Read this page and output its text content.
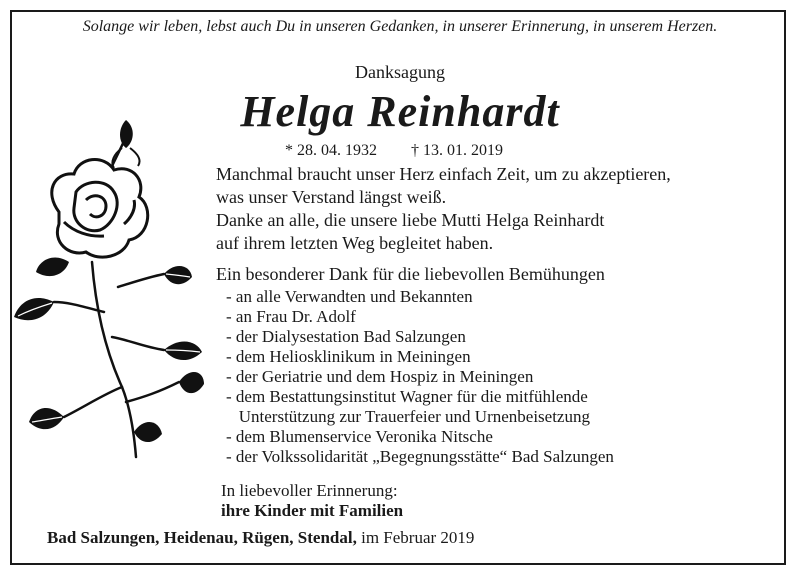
Solange wir leben, lebst auch Du in unseren Gedanken, in unserer Erinnerung, in unserem Herzen.
Danksagung
Helga Reinhardt
* 28. 04. 1932 † 13. 01. 2019

Manchmal braucht unser Herz einfach Zeit, um zu akzeptieren,

was unser Verstand längst weiß.

Danke an alle, die unsere liebe Mutti Helga Reinhardt

auf ihrem letzten Weg begleitet haben.

Ein besonderer Dank für die liebevollen Bemühungen

- an alle Verwandten und Bekannten
- an Frau Dr. Adolf
- der Dialysestation Bad Salzungen
- dem Heliosklinikum in Meiningen
- der Geriatrie und dem Hospiz in Meiningen
- dem Bestattungsinstitut Wagner für die mitfühlende
Unterstützung zur Trauerfeier und Urnenbeisetzung
- dem Blumenservice Veronika Nitsche
- der Volkssolidarität „Begegnungsstätte“ Bad Salzungen
In liebevoller Erinnerung:
ihre Kinder mit Familien
Bad Salzungen, Heidenau, Rügen, Stendal, im Februar 2019
